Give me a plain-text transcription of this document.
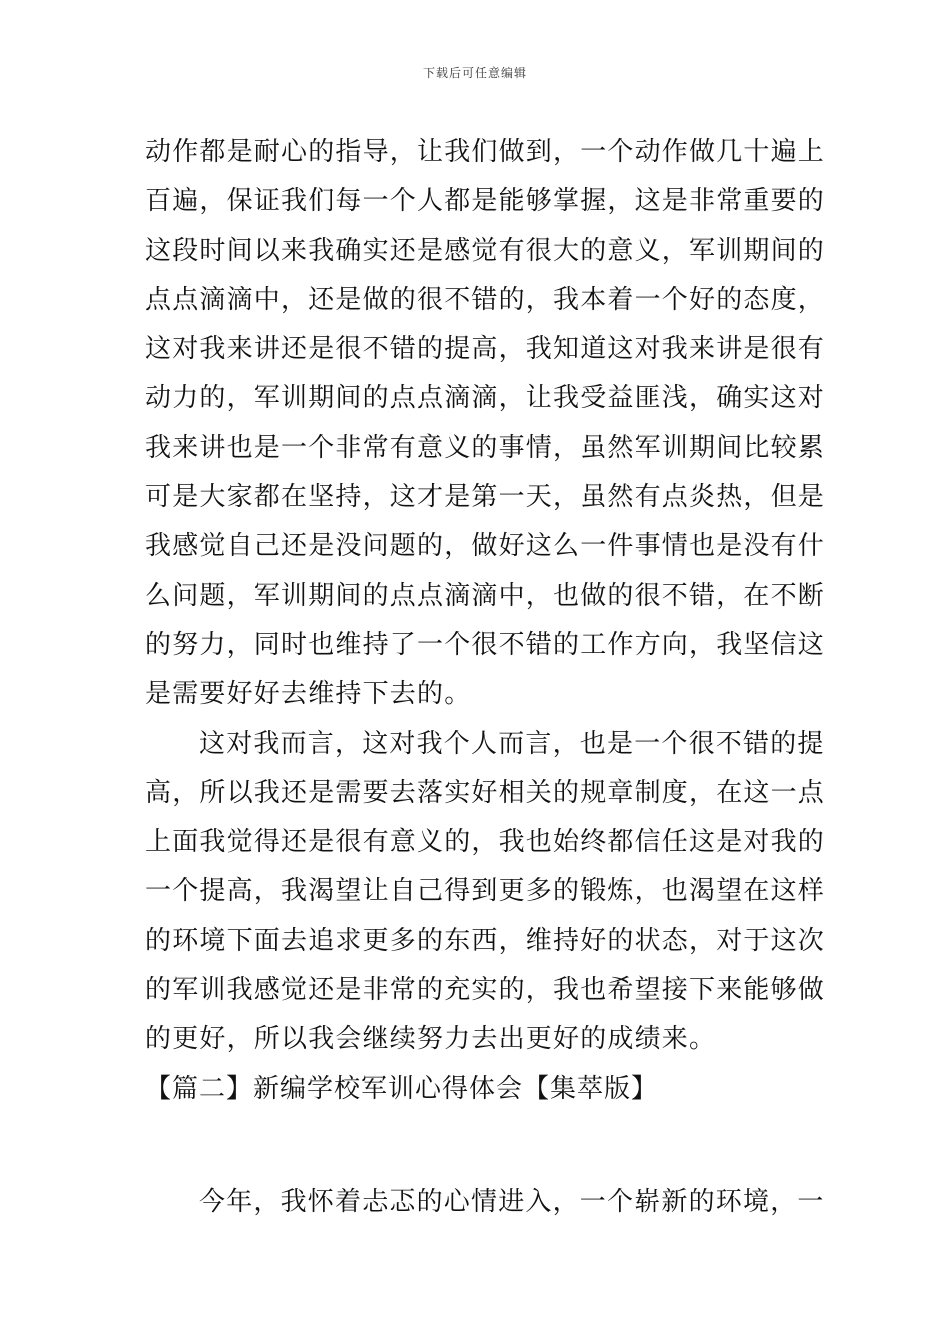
下载后可任意编辑
动作都是耐心的指导，让我们做到，一个动作做几十遍上
百遍，保证我们每一个人都是能够掌握，这是非常重要的
这段时间以来我确实还是感觉有很大的意义，军训期间的
点点滴滴中，还是做的很不错的，我本着一个好的态度，
这对我来讲还是很不错的提高，我知道这对我来讲是很有
动力的，军训期间的点点滴滴，让我受益匪浅，确实这对
我来讲也是一个非常有意义的事情，虽然军训期间比较累
可是大家都在坚持，这才是第一天，虽然有点炎热，但是
我感觉自己还是没问题的，做好这么一件事情也是没有什
么问题，军训期间的点点滴滴中，也做的很不错，在不断
的努力，同时也维持了一个很不错的工作方向，我坚信这
是需要好好去维持下去的。
这对我而言，这对我个人而言，也是一个很不错的提
高，所以我还是需要去落实好相关的规章制度，在这一点
上面我觉得还是很有意义的，我也始终都信任这是对我的
一个提高，我渴望让自己得到更多的锻炼，也渴望在这样
的环境下面去追求更多的东西，维持好的状态，对于这次
的军训我感觉还是非常的充实的，我也希望接下来能够做
的更好，所以我会继续努力去出更好的成绩来。
【篇二】新编学校军训心得体会【集萃版】
今年，我怀着忐忑的心情进入，一个崭新的环境，一
